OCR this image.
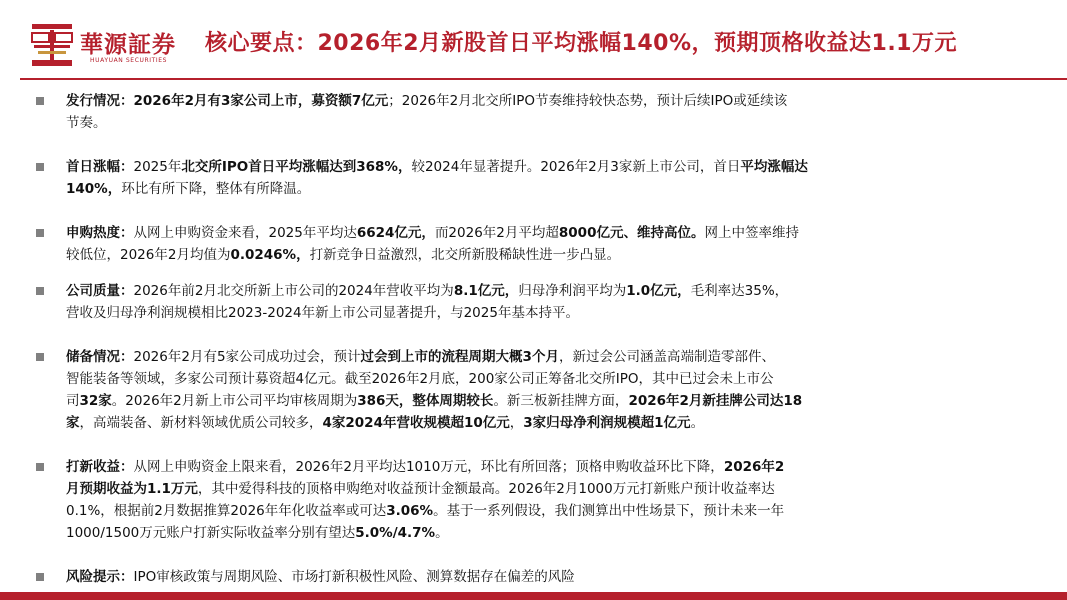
華源証券
HUAYUAN SECURITIES
核心要点：2026年2月新股首日平均涨幅140%，预期顶格收益达1.1万元
发行情况：2026年2月有3家公司上市，募资额7亿元；2026年2月北交所IPO节奏维持较快态势，预计后续IPO或延续该
节奏。
首日涨幅：2025年北交所IPO首日平均涨幅达到368%，较2024年显著提升。2026年2月3家新上市公司，首日平均涨幅达
140%，环比有所下降，整体有所降温。
申购热度：从网上申购资金来看，2025年平均达6624亿元，而2026年2月平均超8000亿元、维持高位。网上中签率维持
较低位，2026年2月均值为0.0246%，打新竞争日益激烈，北交所新股稀缺性进一步凸显。
公司质量：2026年前2月北交所新上市公司的2024年营收平均为8.1亿元，归母净利润平均为1.0亿元，毛利率达35%，
营收及归母净利润规模相比2023-2024年新上市公司显著提升，与2025年基本持平。
储备情况：2026年2月有5家公司成功过会，预计过会到上市的流程周期大概3个月，新过会公司涵盖高端制造零部件、
智能装备等领域，多家公司预计募资超4亿元。截至2026年2月底，200家公司正筹备北交所IPO，其中已过会未上市公
司32家。2026年2月新上市公司平均审核周期为386天，整体周期较长。新三板新挂牌方面，2026年2月新挂牌公司达18
家，高端装备、新材料领域优质公司较多，4家2024年营收规模超10亿元，3家归母净利润规模超1亿元。
打新收益：从网上申购资金上限来看，2026年2月平均达1010万元，环比有所回落；顶格申购收益环比下降，2026年2
月预期收益为1.1万元，其中爱得科技的顶格申购绝对收益预计金额最高。2026年2月1000万元打新账户预计收益率达
0.1%，根据前2月数据推算2026年年化收益率或可达3.06%。基于一系列假设，我们测算出中性场景下，预计未来一年
1000/1500万元账户打新实际收益率分别有望达5.0%/4.7%。
风险提示：IPO审核政策与周期风险、市场打新积极性风险、测算数据存在偏差的风险
